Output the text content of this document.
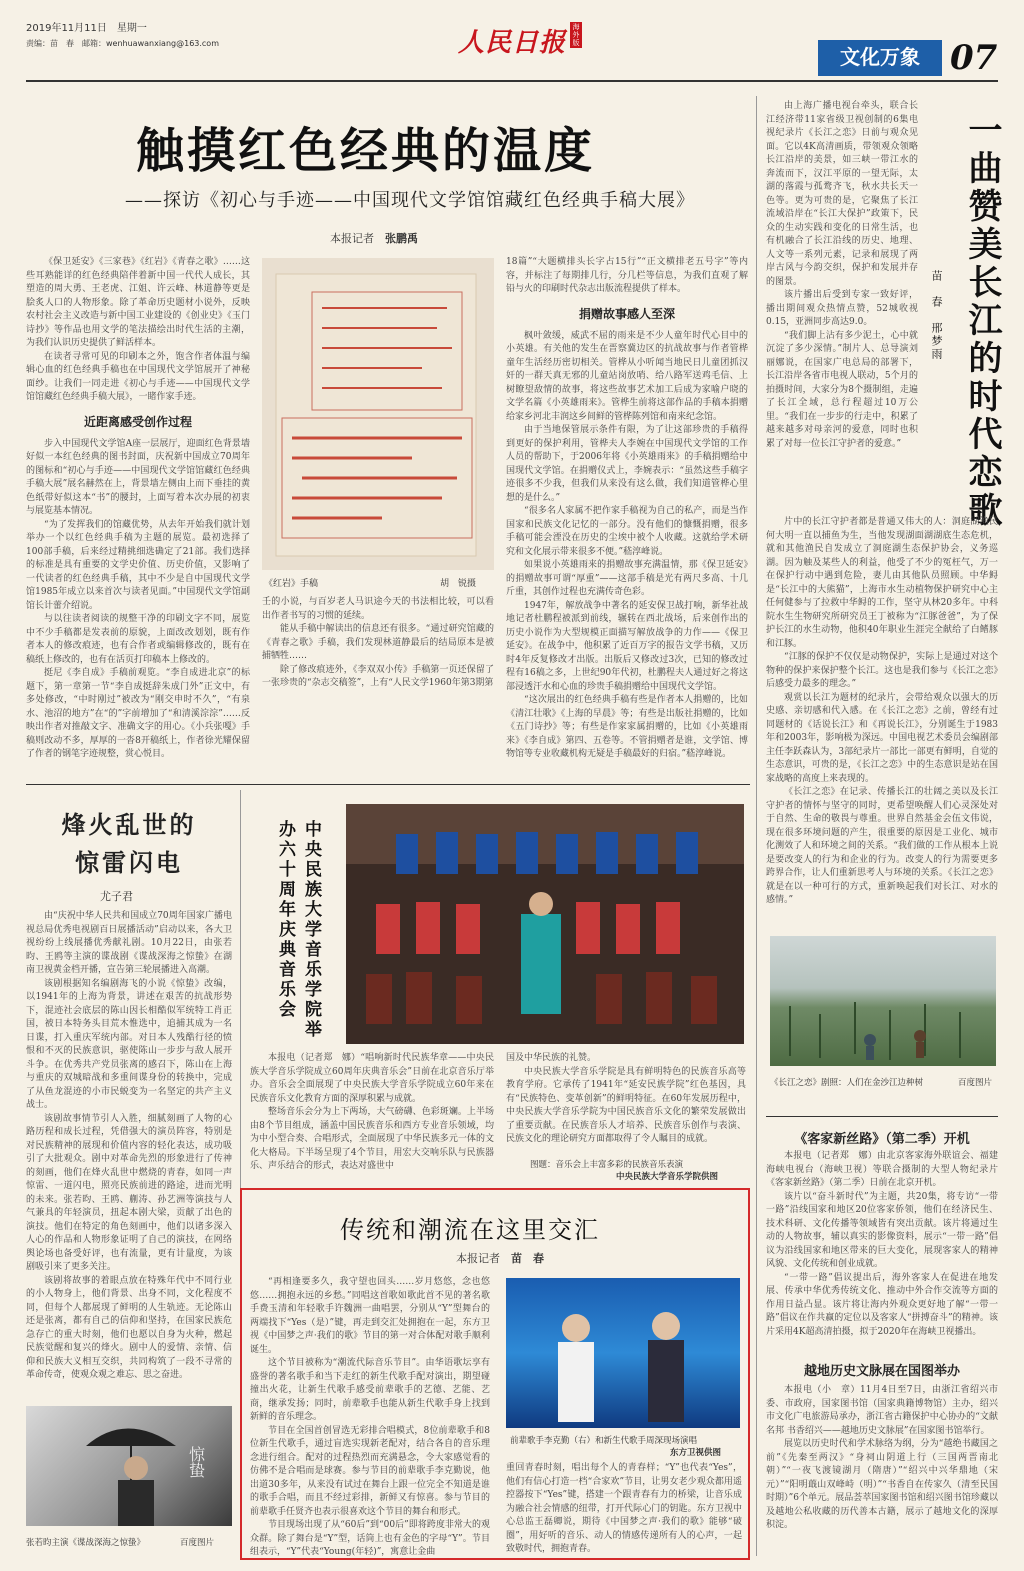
2019年11月11日　星期一
责编：苗　春　邮箱：wenhuawanxiang@163.com	人民日报
海外版
文化万象 07
触摸红色经典的温度
——探访《初心与手迹——中国现代文学馆馆藏红色经典手稿大展》
本报记者　 张鹏禹

《保卫延安》《三家巷》《红岩》《青春之歌》……这些耳熟能详的红色经典陪伴着新中国一代代人成长，其塑造的周大勇、王老虎、江姐、许云峰、林道静等更是脍炙人口的人物形象。除了革命历史题材小说外，反映农村社会主义改造与新中国工业建设的《创业史》《玉门诗抄》等作品也用文学的笔法描绘出时代生活的主潮，为我们认识历史提供了鲜活样本。

在读者寻常可见的印刷本之外，饱含作者体温与编辑心血的红色经典手稿也在中国现代文学馆展开了神秘面纱。让我们一同走进《初心与手迹——中国现代文学馆馆藏红色经典手稿大展》，一睹作家手迹。

近距离感受创作过程

步入中国现代文学馆A座一层展厅，迎面红色背景墙好似一本红色经典的图书封面，庆祝新中国成立70周年的图标和“初心与手迹——中国现代文学馆馆藏红色经典手稿大展”展名赫然在上，背景墙左侧由上而下垂挂的黄色纸带好似这本“书”的腰封，上面写着本次办展的初衷与展览基本情况。

“为了发挥我们的馆藏优势，从去年开始我们就计划举办一个以红色经典手稿为主题的展览。最初选择了100部手稿，后来经过精挑细选确定了21部。我们选择的标准是具有重要的文学史价值、历史价值，又影响了一代读者的红色经典手稿，其中不少是自中国现代文学馆1985年成立以来首次与读者见面。”中国现代文学馆副馆长计蕾介绍说。

与以往读者阅读的规整干净的印刷文字不同，展览中不少手稿都是发表前的原貌，上面改改划划，既有作者本人的修改痕迹，也有合作者或编辑修改的，既有在稿纸上修改的，也有在活页打印稿本上修改的。

挺尼《李自成》手稿前观览。“李自成进北京”的标题下，第一章第一节“李自成挺辞朱成门外”正文中，有多处修改，“中时刚过”被改为“刚交申时不久”，“有泉水、池沼的地方”在“的”字前增加了“和清溪淙淙”……反映出作者对推敲文字、准确文字的用心。《小兵张嘎》手稿则改动不多，厚厚的一沓8开稿纸上，作者徐光耀保留了作者的钢笔字迹规整，赏心悦目。

《红岩》手稿	胡　锐摄

壬的小说，与百岁老人马识途今天的书法相比较，可以看出作者书写的习惯的延续。

能从手稿中解读出的信息还有很多。“通过研究馆藏的《青春之歌》手稿，我们发现林道静最后的结局原本是被捕牺牲……

除了修改痕迹外，《李双双小传》手稿第一页还保留了一张珍贵的“杂志交稿签”，上有“人民文学1960年第3期第

18篇”“大题横排头长字占15行”“正文横排老五号字”等内容，并标注了每期排几行，分几栏等信息，为我们直观了解铅与火的印刷时代杂志出版流程提供了样本。

捐赠故事感人至深

枫叶敛缓，威武不屈的雨来是不少人童年时代心目中的小英雄。有关他的发生在晋察冀边区的抗战故事与作者管桦童年生活经历密切相关。管桦从小听闻当地民日儿童团抓汉奸的一群天真无邪的儿童站岗放哨、给八路军送鸡毛信、上树瞭望敌情的故事，将这些故事艺术加工后成为家喻户晓的文学名篇《小英雄雨来》。管桦生前将这部作品的手稿本捐赠给家乡河北丰润这乡间鲜的管桦陈列馆和南来纪念馆。

由于当地保管展示条件有限，为了让这部珍贵的手稿得到更好的保护利用，管桦夫人李婉在中国现代文学馆的工作人员的帮助下，于2006年将《小英雄雨来》的手稿捐赠给中国现代文学馆。在捐赠仪式上，李婉表示：“虽然这些手稿字迹很多不少我，但我们从来没有这么做，我们知道管桦心里想的是什么。”

“很多名人家属不把作家手稿视为自己的私产，而是当作国家和民族文化记忆的一部分。没有他们的慷慨捐赠，很多手稿可能会湮没在历史的尘埃中被个人收藏。这就给学术研究和文化展示带来很多不便。”嵇淳峰说。

如果说小英雄雨来的捐赠故事充满温情，那《保卫延安》的捐赠故事可谓“厚重”——这部手稿是光有两尺多高、十几斤重，其创作过程也充满传奇色彩。

1947年，解放战争中著名的延安保卫战打响，新华社战地记者杜鹏程被派到前线，辗转在西北战场，后来创作出的历史小说作为大型规模正面描写解放战争的力作——《保卫延安》。在战争中，他积累了近百万字的报告文学书稿，又历时4年反复修改才出版。出版后又修改过3次，已知的修改过程有16稿之多，上世纪90年代初，杜鹏程夫人通过好之将这部浸透汗水和心血的珍贵手稿捐赠给中国现代文学馆。

“这次展出的红色经典手稿有些是作者本人捐赠的，比如《清江壮歌》《上海的早晨》等；有些是出版社捐赠的，比如《五门诗抄》等；有些是作家家属捐赠的，比如《小英雄雨来》《李自成》第四、五卷等。不管捐赠者是谁，文学馆、博物馆等专业收藏机构无疑是手稿最好的归宿。”嵇淳峰说。

一曲赞美长江的时代恋歌
苗　春　邢梦雨

由上海广播电视台牵头，联合长江经济带11家省级卫视创制的6集电视纪录片《长江之恋》日前与观众见面。它以4K高清画质，带领观众领略长江沿岸的美景，如三峡一带江水的奔流而下，汉江平原的一望无际，太湖的落霞与孤鹜齐飞，秋水共长天一色等。更为可贵的是，它聚焦了长江流域沿岸在“长江大保护”政策下，民众的生动实践和变化的日常生活，也有机融合了长江沿线的历史、地理、人文等一系列元素，记录和展现了两岸古风与今韵交织，保护和发展并存的图景。

该片播出后受到专家一致好评，播出期间观众热情点赞，52城收视0.15，亚洲同步高达9.0。

“我们脚上沾有多少泥土，心中就沉淀了多少深情。”制片人、总导演刘丽娜说，在国家广电总局的部署下，长江沿岸各省市电视人联动，5个月的拍摄时间，大家分为8个摄制组，走遍了长江全域，总行程超过10万公里。“我们在一步步的行走中，积累了越来越多对母亲河的爱意，同时也积累了对每一位长江守护者的爱意。”

片中的长江守护者都是普通又伟大的人：洞庭湖渔民何大明一直以捕鱼为生，当他发现湖面湖湖底生态危机，就和其他渔民自发成立了洞庭湖生态保护协会，义务巡湖。因为触及某些人的利益，他受了不少的冤枉气，万一在保护行动中遇到危险，妻儿由其他队员照顾。中华鲟是“长江中的大熊猫”，上海市水生动植物保护研究中心主任何健参与了拉救中华鲟的工作，坚守从林20多年。中科院水生生物研究所研究员王丁被称为“江豚爸爸”，为了保护长江的水生动物，他积40年职业生涯完全献给了白鳍豚和江豚。

“江豚的保护不仅仅是动物保护，实际上是通过对这个物种的保护来保护整个长江。这也是我们参与《长江之恋》后感受力最多的理念。”

观赏以长江为题材的纪录片，会带给观众以强大的历史感、亲切感和代入感。在《长江之恋》之前，曾经有过同题材的《话说长江》和《再说长江》，分别诞生于1983年和2003年，影响极为深远。中国电视艺术委员会编剧部主任李跃森认为，3部纪录片一部比一部更有鲜明，自觉的生态意识，可贵的是，《长江之恋》中的生态意识是站在国家战略的高度上来表现的。

《长江之恋》在记录、传播长江的壮阔之美以及长江守护者的情怀与坚守的同时，更希望唤醒人们心灵深处对于自然、生命的敬畏与尊重。世界自然基金会伍文伟说，现在很多环境问题的产生，很重要的原因是工业化、城市化测效了人和环境之间的关系。“我们做的工作从根本上说是要改变人的行为和企业的行为。改变人的行为需要更多跨界合作，让人们重新思考人与环境的关系。《长江之恋》就是在以一种可行的方式，重新唤起我们对长江、对水的感情。”

《长江之恋》剧照：人们在金沙江边种树	百度图片
《客家新丝路》（第二季）开机

本报电（记者郑　娜）由北京客家海外联谊会、福建海峡电视台（海峡卫视）等联合摄制的大型人物纪录片《客家新丝路》（第二季）日前在北京开机。

该片以“奋斗新时代”为主题，共20集，将专访“一带一路”沿线国家和地区20位客家侨领，他们在经济民生、技术科研、文化传播等领域皆有突出贡献。该片将通过生动的人物故事，辅以真实的影像资料，展示“一带一路”倡议为沿线国家和地区带来的巨大变化，展现客家人的精神风貌、文化传统和创业成就。

“一带一路”倡议提出后，海外客家人在促进在地发展、传承中华优秀传统文化、推动中外合作交流等方面的作用日益凸显。该片将让海内外观众更好地了解“一带一路”倡议在作共赢的定位以及客家人“拼搏奋斗”的精神。该片采用4K超高清拍摄，拟于2020年在海峡卫视播出。

越地历史文脉展在国图举办

本报电（小　章）11月4日至7日，由浙江省绍兴市委、市政府，国家图书馆（国家典籍博物馆）主办，绍兴市文化广电旅游局承办，浙江省古籍保护中心协办的“文献名邦 书香绍兴——越地历史文脉展”在国家图书馆举行。

展览以历史时代和学术脉络为纲，分为“越绝书藏国之前”《先秦至两汉》“身祠山阴道上行（三国两晋南北朝）”“一夜飞渡镜湖月（隋唐）”“绍兴中兴华鼎地（宋元）”“阳明蕺山双峰峙（明）”“书香自在传家久（清至民国时期）”6个单元。展品荟萃国家图书馆和绍兴图书馆珍藏以及越地公私收藏的历代善本古籍，展示了越地文化的深厚积淀。

烽火乱世的
惊雷闪电
尤子君

由“庆祝中华人民共和国成立70周年国家广播电视总局优秀电视剧百日展播活动”启动以来，各大卫视纷纷上线展播优秀献礼剧。10月22日，由张若昀、王鸥等主演的谍战剧《谍战深海之惊蛰》在湖南卫视黄金档开播，宣告第三轮展播进入高潮。

该剧根据知名编剧海飞的小说《惊蛰》改编，以1941年的上海为背景，讲述在艰苦的抗战形势下，混迹社会底层的陈山因长相酷似军统特工肖正国，被日本特务头目荒木惟选中，追捕其成为一名日谍，打入重庆军统内部。对日本人残酷行径的愤恨和不灭的民族意识，驱使陈山一步步与敌人展开斗争。在优秀共产党员张离的感召下，陈山在上海与重庆的双城暗战和多重间谍身份的转换中，完成了从鱼龙混迹的小市民蜕变为一名坚定的共产主义战士。

该剧故事情节引人入胜，细腻刻画了人物的心路历程和成长过程，凭借强大的演员阵容，特别是对民族精神的展现和价值内容的轻化表达，成功吸引了大批观众。剧中对革命先烈的形象进行了传神的刻画，他们在烽火乱世中燃烧的青春，如同一声惊雷、一道闪电，照亮民族前进的路途，进而光明的未来。张若昀、王鸥、蒯涛、孙艺洲等演技与人气兼具的年轻演员，扭起本剧大梁，贡献了出色的演技。他们在特定的角色刻画中，他们以诸多深入人心的作品和人物形象证明了自己的演技，在网络舆论场也备受好评，也有流量，更有计量度，为该剧吸引来了更多关注。

该剧将故事的着眼点放在特殊年代中不同行业的小人物身上，他们背景、出身不同，文化程度不同，但每个人都展现了鲜明的人生轨迹。无论陈山还是张离，都有自己的信仰和坚持，在国家民族危急存亡的重大时刻，他们也愿以自身为火种，燃起民族觉醒和复兴的烽火。剧中人的爱情、亲情、信仰和民族大义相互交织，共同构筑了一段不寻常的革命传奇，使观众观之难忘、思之奋进。

惊蛰
张若昀主演《谍战深海之惊蛰》	百度图片
中央民族大学音乐学院举办六十周年庆典音乐会

本报电（记者郑　娜）“唱响新时代民族华章——中央民族大学音乐学院成立60周年庆典音乐会”日前在北京音乐厅举办。音乐会全面展现了中央民族大学音乐学院成立60年来在民族音乐文化教育方面的深厚积累与成就。

整场音乐会分为上下两场，大气磅礴、色彩斑斓。上半场由8个节目组成，涵盖中国民族音乐和西方专业音乐领域，均为中小型合奏、合唱形式，全面展现了中华民族多元一体的文化大格局。下半场呈现了4个节目，用宏大交响乐队与民族器乐、声乐结合的形式，表达对盛世中

国及中华民族的礼赞。

中央民族大学音乐学院是具有鲜明特色的民族音乐高等教育学府。它承传了1941年“延安民族学院”红色基因，具有“民族特色、变革创新”的鲜明特征。在60年发展历程中，中央民族大学音乐学院为中国民族音乐文化的繁荣发展做出了重要贡献。在民族音乐人才培养、民族音乐创作与表演、民族文化的理论研究方面都取得了令人瞩目的成就。

图题：音乐会上丰富多彩的民族音乐表演
中央民族大学音乐学院供图
传统和潮流在这里交汇
本报记者　 苗　春

“再相逢要多久，我守望也回头……岁月悠悠，念也悠悠……拥抱永远的乡愁。”同唱这首歌如歌此首不见的著名歌手费玉清和年轻歌手许魏洲一曲唱罢，分别从“Y”型舞台的两端找下“Yes（是）”键，再走到交汇处拥抱在一起，东方卫视《中国梦之声·我们的歌》节目的第一对合体配对歌手顺利诞生。

这个节目被称为“潮流代际音乐节目”。由华语歌坛享有盛誉的著名歌手和当下走红的新生代歌手配对演出，期望碰撞出火花，让新生代歌手感受前辈歌手的艺德、艺能、艺商，继承发扬；同时，前辈歌手也能从新生代歌手身上找到新鲜的音乐理念。

节目在全国首创冒选无彩排合唱模式，8位前辈歌手和8位新生代歌手，通过盲选实现新老配对，结合各自的音乐理念进行组合。配对的过程热烈而充满悬念，令大家感觉看的仿佛不是合唱而是球赛。参与节目的前辈歌手李克勤说，他出道30多年，从来没有试过在舞台上跟一位完全不知道是谁的歌手合唱，而且不经过彩排，新鲜又有惊喜。参与节目的前辈歌手任贤齐也表示很喜欢这个节目的舞台和形式。

节目现场出现了从“60后”到“00后”即将跨度非常大的观众群。除了舞台是“Y”型，话筒上也有金色的字母“Y”。节目组表示，“Y”代表“Young(年轻)”，寓意让金曲

前辈歌手李克勤（右）和新生代歌手周深现场演唱
东方卫视供图

重回青春时刻，唱出每个人的青春样；“Y”也代表“Yes”，他们有信心打造一档“合家欢”节目，让男女老少观众都用遥控器按下“Yes”键，搭建一个跟青春有力的桥梁，让音乐成为融合社会情感的纽带，打开代际心门的钥匙。东方卫视中心总监王磊卿说，期待《中国梦之声·我们的歌》能够“破圈”，用好听的音乐、动人的情感传递所有人的心声，一起致敬时代，拥抱青春。
